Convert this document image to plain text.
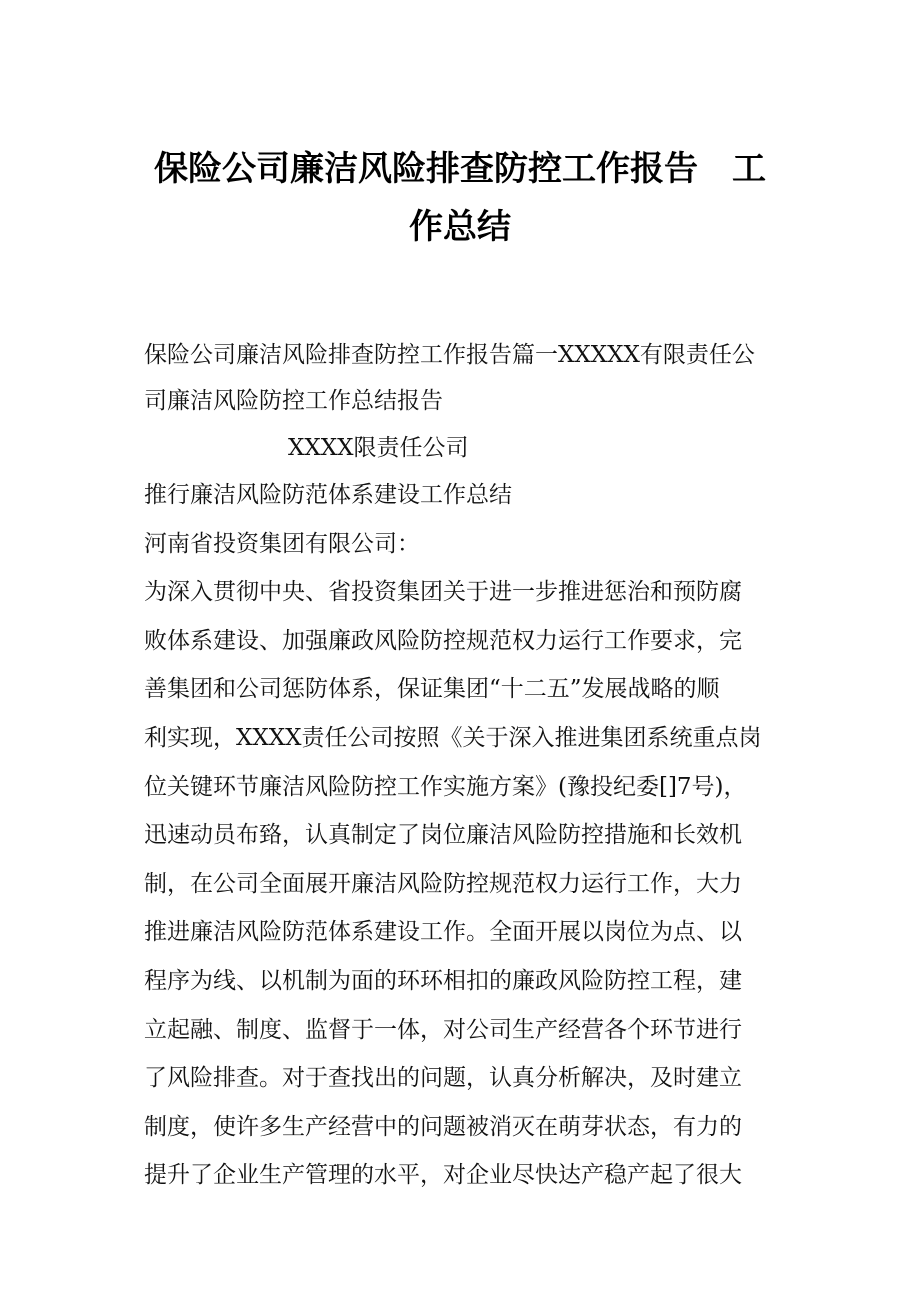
保险公司廉洁风险排查防控工作报告　工
作总结
保险公司廉洁风险排查防控工作报告篇一XXXXX有限责任公
司廉洁风险防控工作总结报告
XXXX限责任公司
推行廉洁风险防范体系建设工作总结
河南省投资集团有限公司：
为深入贯彻中央、省投资集团关于进一步推进惩治和预防腐
败体系建设、加强廉政风险防控规范权力运行工作要求，完
善集团和公司惩防体系，保证集团“十二五”发展战略的顺
利实现，XXXX责任公司按照《关于深入推进集团系统重点岗
位关键环节廉洁风险防控工作实施方案》(豫投纪委[]7号)，
迅速动员布臵，认真制定了岗位廉洁风险防控措施和长效机
制，在公司全面展开廉洁风险防控规范权力运行工作，大力
推进廉洁风险防范体系建设工作。全面开展以岗位为点、以
程序为线、以机制为面的环环相扣的廉政风险防控工程，建
立起融、制度、监督于一体，对公司生产经营各个环节进行
了风险排查。对于查找出的问题，认真分析解决，及时建立
制度，使许多生产经营中的问题被消灭在萌芽状态，有力的
提升了企业生产管理的水平，对企业尽快达产稳产起了很大
